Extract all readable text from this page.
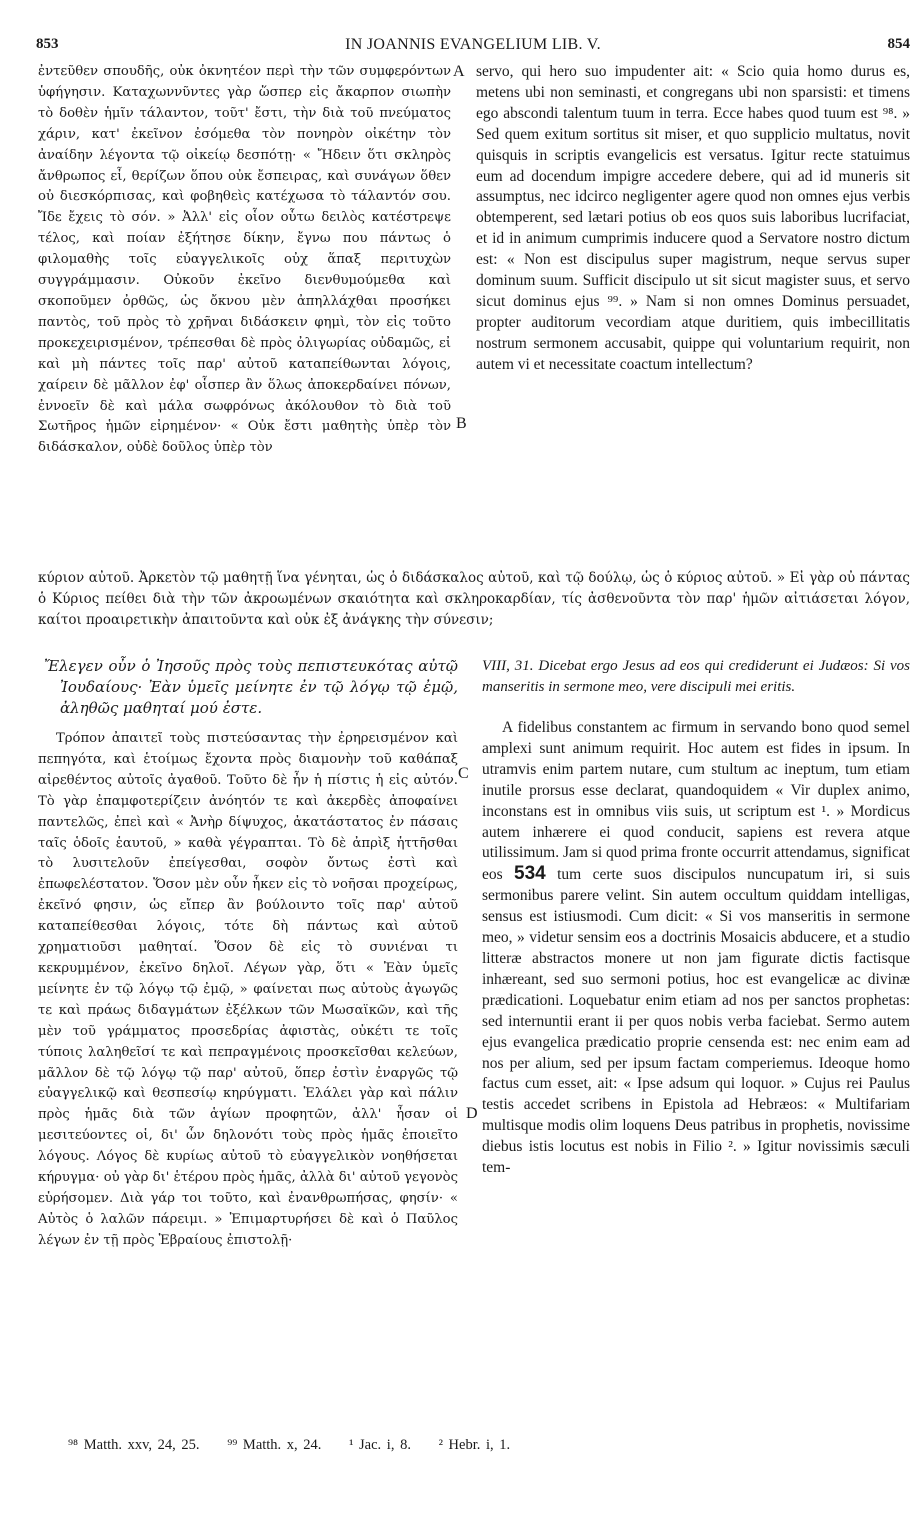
853	IN JOANNIS EVANGELIUM LIB. V.	854

ἐντεῦθεν σπουδῆς, οὐκ ὀκνητέον περὶ τὴν τῶν συμφερόντων ὑφήγησιν. Καταχωννῦντες γὰρ ὥσπερ εἰς ἄκαρπον σιωπὴν τὸ δοθὲν ἡμῖν τάλαντον, τοῦτ' ἔστι, τὴν διὰ τοῦ πνεύματος χάριν, κατ' ἐκεῖνον ἐσόμεθα τὸν πονηρὸν οἰκέτην τὸν ἀναίδην λέγοντα τῷ οἰκείῳ δεσπότῃ· « Ἤδειν ὅτι σκληρὸς ἄνθρωπος εἶ, θερίζων ὅπου οὐκ ἔσπειρας, καὶ συνάγων ὅθεν οὐ διεσκόρπισας, καὶ φοβηθεὶς κατέχωσα τὸ τάλαντόν σου. Ἴδε ἔχεις τὸ σόν. » Ἀλλ' εἰς οἷον οὗτω δειλὸς κατέστρεψε τέλος, καὶ ποίαν ἐξήτησε δίκην, ἔγνω που πάντως ὁ φιλομαθὴς τοῖς εὐαγγελικοῖς οὐχ ἅπαξ περιτυχὼν συγγράμμασιν. Οὐκοῦν ἐκεῖνο διενθυμούμεθα καὶ σκοποῦμεν ὀρθῶς, ὡς ὄκνου μὲν ἀπηλλάχθαι προσήκει παντὸς, τοῦ πρὸς τὸ χρῆναι διδάσκειν φημὶ, τὸν εἰς τοῦτο προκεχειρισμένον, τρέπεσθαι δὲ πρὸς ὀλιγωρίας οὐδαμῶς, εἰ καὶ μὴ πάντες τοῖς παρ' αὐτοῦ καταπείθωνται λόγοις, χαίρειν δὲ μᾶλλον ἐφ' οἷσπερ ἂν ὅλως ἀποκερδαίνει πόνων, ἐννοεῖν δὲ καὶ μάλα σωφρόνως ἀκόλουθον τὸ διὰ τοῦ Σωτῆρος ἡμῶν εἰρημένον· « Οὐκ ἔστι μαθητὴς ὑπὲρ τὸν διδάσκαλον, οὐδὲ δοῦλος ὑπὲρ τὸν

A
B

servo, qui hero suo impudenter ait: « Scio quia homo durus es, metens ubi non seminasti, et congregans ubi non sparsisti: et timens ego abscondi talentum tuum in terra. Ecce habes quod tuum est ⁹⁸. » Sed quem exitum sortitus sit miser, et quo supplicio multatus, novit quisquis in scriptis evangelicis est versatus. Igitur recte statuimus eum ad docendum impigre accedere debere, qui ad id muneris sit assumptus, nec idcirco negligenter agere quod non omnes ejus verbis obtemperent, sed lætari potius ob eos quos suis laboribus lucrifaciat, et id in animum cumprimis inducere quod a Servatore nostro dictum est: « Non est discipulus super magistrum, neque servus super dominum suum. Sufficit discipulo ut sit sicut magister suus, et servo sicut dominus ejus ⁹⁹. » Nam si non omnes Dominus persuadet, propter auditorum vecordiam atque duritiem, quis imbecillitatis nostrum sermonem accusabit, quippe qui voluntarium requirit, non autem vi et necessitate coactum intellectum?

κύριον αὐτοῦ. Ἀρκετὸν τῷ μαθητῇ ἵνα γένηται, ὡς ὁ διδάσκαλος αὐτοῦ, καὶ τῷ δούλῳ, ὡς ὁ κύριος αὐτοῦ. » Εἰ γὰρ οὐ πάντας ὁ Κύριος πείθει διὰ τὴν τῶν ἀκροωμένων σκαιότητα καὶ σκληροκαρδίαν, τίς ἀσθενοῦντα τὸν παρ' ἡμῶν αἰτιάσεται λόγον, καίτοι προαιρετικὴν ἀπαιτοῦντα καὶ οὐκ ἐξ ἀνάγκης τὴν σύνεσιν;

Ἔλεγεν οὖν ὁ Ἰησοῦς πρὸς τοὺς πεπιστευκότας αὐτῷ Ἰουδαίους· Ἐὰν ὑμεῖς μείνητε ἐν τῷ λόγῳ τῷ ἐμῷ, ἀληθῶς μαθηταί μού ἐστε.

Τρόπον ἀπαιτεῖ τοὺς πιστεύσαντας τὴν ἐρηρεισμένον καὶ πεπηγότα, καὶ ἑτοίμως ἔχοντα πρὸς διαμονὴν τοῦ καθάπαξ αἱρεθέντος αὐτοῖς ἀγαθοῦ. Τοῦτο δὲ ἦν ἡ πίστις ἡ εἰς αὐτόν. Τὸ γὰρ ἐπαμφοτερίζειν ἀνόητόν τε καὶ ἀκερδὲς ἀποφαίνει παντελῶς, ἐπεὶ καὶ « Ἀνὴρ δίψυχος, ἀκατάστατος ἐν πάσαις ταῖς ὁδοῖς ἑαυτοῦ, » καθὰ γέγραπται. Τὸ δὲ ἀπρὶξ ἡττῆσθαι τὸ λυσιτελοῦν ἐπείγεσθαι, σοφὸν ὄντως ἐστὶ καὶ ἐπωφελέστατον. Ὅσον μὲν οὖν ἧκεν εἰς τὸ νοῆσαι προχείρως, ἐκεῖνό φησιν, ὡς εἴπερ ἂν βούλοιντο τοῖς παρ' αὐτοῦ καταπείθεσθαι λόγοις, τότε δὴ πάντως καὶ αὐτοῦ χρηματιοῦσι μαθηταί. Ὅσον δὲ εἰς τὸ συνιέναι τι κεκρυμμένον, ἐκεῖνο δηλοῖ. Λέγων γὰρ, ὅτι « Ἐὰν ὑμεῖς μείνητε ἐν τῷ λόγῳ τῷ ἐμῷ, » φαίνεται πως αὐτοὺς ἀγωγῶς τε καὶ πράως διδαγμάτων ἐξέλκων τῶν Μωσαϊκῶν, καὶ τῆς μὲν τοῦ γράμματος προσεδρίας ἀφιστὰς, οὐκέτι τε τοῖς τύποις λαληθεῖσί τε καὶ πεπραγμένοις προσκεῖσθαι κελεύων, μᾶλλον δὲ τῷ λόγῳ τῷ παρ' αὐτοῦ, ὅπερ ἐστὶν ἐναργῶς τῷ εὐαγγελικῷ καὶ θεσπεσίῳ κηρύγματι. Ἐλάλει γὰρ καὶ πάλιν πρὸς ἡμᾶς διὰ τῶν ἁγίων προφητῶν, ἀλλ' ἦσαν οἱ μεσιτεύοντες οἱ, δι' ὧν δηλονότι τοὺς πρὸς ἡμᾶς ἐποιεῖτο λόγους. Λόγος δὲ κυρίως αὐτοῦ τὸ εὐαγγελικὸν νοηθήσεται κήρυγμα· οὐ γὰρ δι' ἑτέρου πρὸς ἡμᾶς, ἀλλὰ δι' αὐτοῦ γεγονὸς εὑρήσομεν. Διὰ γάρ τοι τοῦτο, καὶ ἐνανθρωπήσας, φησίν· « Αὐτὸς ὁ λαλῶν πάρειμι. » Ἐπιμαρτυρήσει δὲ καὶ ὁ Παῦλος λέγων ἐν τῇ πρὸς Ἑβραίους ἐπιστολῇ·

C
D

VIII, 31. Dicebat ergo Jesus ad eos qui crediderunt ei Judæos: Si vos manseritis in sermone meo, vere discipuli mei eritis.

A fidelibus constantem ac firmum in servando bono quod semel amplexi sunt animum requirit. Hoc autem est fides in ipsum. In utramvis enim partem nutare, cum stultum ac ineptum, tum etiam inutile prorsus esse declarat, quandoquidem « Vir duplex animo, inconstans est in omnibus viis suis, ut scriptum est ¹. » Mordicus autem inhærere ei quod conducit, sapiens est revera atque utilissimum. Jam si quod prima fronte occurrit attendamus, significat eos 534 tum certe suos discipulos nuncupatum iri, si suis sermonibus parere velint. Sin autem occultum quiddam intelligas, sensus est istiusmodi. Cum dicit: « Si vos manseritis in sermone meo, » videtur sensim eos a doctrinis Mosaicis abducere, et a studio litteræ abstractos monere ut non jam figurate dictis factisque inhæreant, sed suo sermoni potius, hoc est evangelicæ ac divinæ prædicationi. Loquebatur enim etiam ad nos per sanctos prophetas: sed internuntii erant ii per quos nobis verba faciebat. Sermo autem ejus evangelica prædicatio proprie censenda est: nec enim eam ad nos per alium, sed per ipsum factam comperiemus. Ideoque homo factus cum esset, ait: « Ipse adsum qui loquor. » Cujus rei Paulus testis accedet scribens in Epistola ad Hebræos: « Multifariam multisque modis olim loquens Deus patribus in prophetis, novissime diebus istis locutus est nobis in Filio ². » Igitur novissimis sæculi tem-

⁹⁸ Matth. xxv, 24, 25. ⁹⁹ Matth. x, 24. ¹ Jac. i, 8. ² Hebr. i, 1.
